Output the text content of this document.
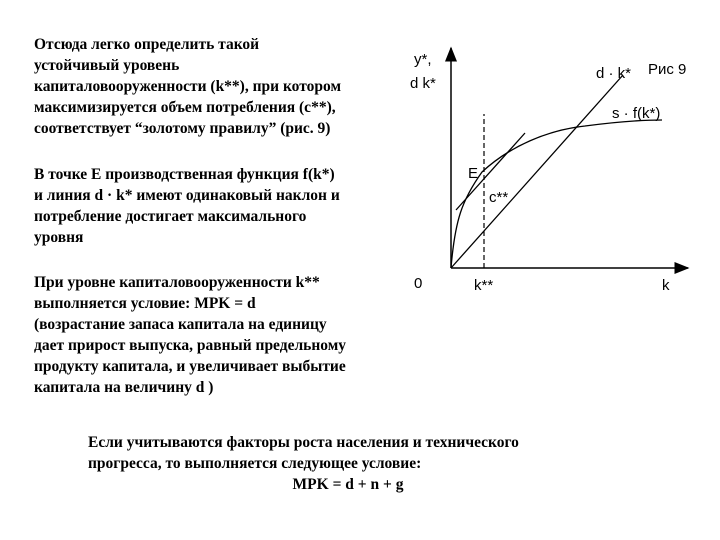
Отсюда легко определить такой
устойчивый уровень
капиталовооруженности (k**), при котором
максимизируется объем потребления (c**),
соответствует “золотому правилу” (рис. 9)
В точке E производственная функция f(k*)
и линия d · k* имеют одинаковый наклон и
потребление достигает максимального
уровня
При уровне капиталовооруженности k**
выполняется условие: MPK = d
(возрастание запаса капитала на единицу
дает прирост выпуска, равный предельному
продукту капитала, и увеличивает выбытие
капитала на величину d )
Если учитываются факторы роста населения и технического
прогресса, то выполняется следующее условие:
MPK = d + n + g
y*,
d k*
d · k* Рис 9
s · f(k*)
E
c**
0	k**	k
